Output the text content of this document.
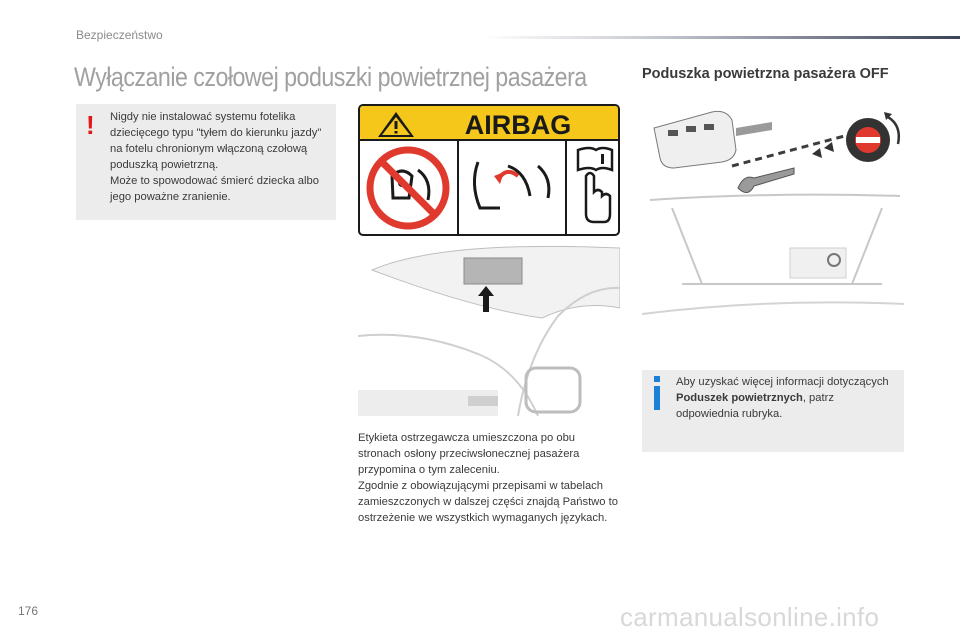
Bezpieczeństwo
Wyłączanie czołowej poduszki powietrznej pasażera	Poduszka powietrzna pasażera OFF
! Nigdy nie instalować systemu fotelika dziecięcego typu "tyłem do kierunku jazdy" na fotelu chronionym włączoną czołową poduszką powietrzną.

Może to spowodować śmierć dziecka albo jego poważne zranienie.

AIRBAG

Etykieta ostrzegawcza umieszczona po obu stronach osłony przeciwsłonecznej pasażera przypomina o tym zaleceniu.

Zgodnie z obowiązującymi przepisami w tabelach zamieszczonych w dalszej części znajdą Państwo to ostrzeżenie we wszystkich wymaganych językach.

Aby uzyskać więcej informacji dotyczących Poduszek powietrznych, patrz odpowiednia rubryka.
176	carmanualsonline.info
